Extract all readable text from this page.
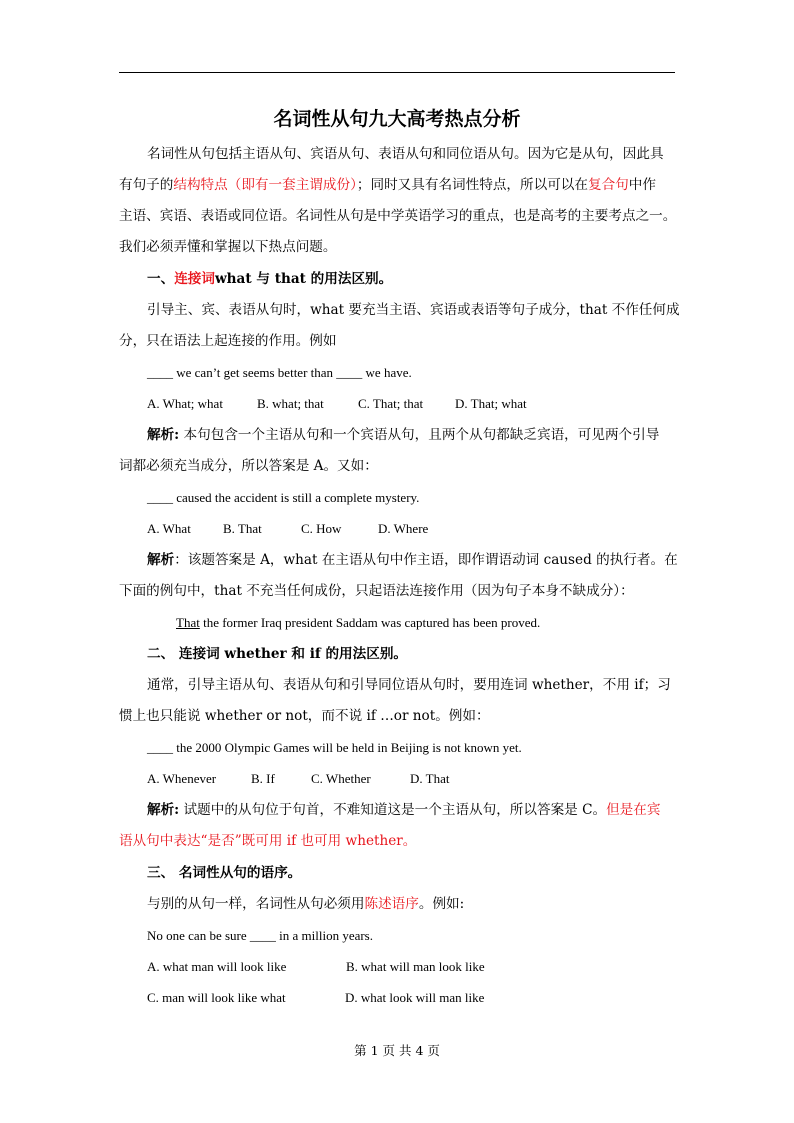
名词性从句九大高考热点分析

名词性从句包括主语从句、宾语从句、表语从句和同位语从句。因为它是从句，因此具

有句子的结构特点（即有一套主谓成份）；同时又具有名词性特点，所以可以在复合句中作

主语、宾语、表语或同位语。名词性从句是中学英语学习的重点，也是高考的主要考点之一。

我们必须弄懂和掌握以下热点问题。

一、连接词what 与 that 的用法区别。

引导主、宾、表语从句时，what 要充当主语、宾语或表语等句子成分，that 不作任何成

分，只在语法上起连接的作用。例如

____ we can’t get seems better than ____ we have.

A. What; what	B. what; that	C. That; that D. That; what

解析: 本句包含一个主语从句和一个宾语从句，且两个从句都缺乏宾语，可见两个引导

词都必须充当成分，所以答案是 A。又如：

____ caused the accident is still a complete mystery.

A. What B. That	C. How	D. Where

解析：该题答案是 A，what 在主语从句中作主语，即作谓语动词 caused 的执行者。在

下面的例句中，that 不充当任何成份，只起语法连接作用（因为句子本身不缺成分）：

That the former Iraq president Saddam was captured has been proved.

二、 连接词 whether 和 if 的用法区别。

通常，引导主语从句、表语从句和引导同位语从句时，要用连词 whether，不用 if；习

惯上也只能说 whether or not，而不说 if …or not。例如：

____ the 2000 Olympic Games will be held in Beijing is not known yet.

A. Whenever	B. If	C. Whether	D. That

解析: 试题中的从句位于句首，不难知道这是一个主语从句，所以答案是 C。但是在宾

语从句中表达“是否”既可用 if 也可用 whether。

三、 名词性从句的语序。

与别的从句一样，名词性从句必须用陈述语序。例如:

No one can be sure ____ in a million years.

A. what man will look like	B. what will man look like
C. man will look like what	D. what look will man like
第 1 页 共 4 页
